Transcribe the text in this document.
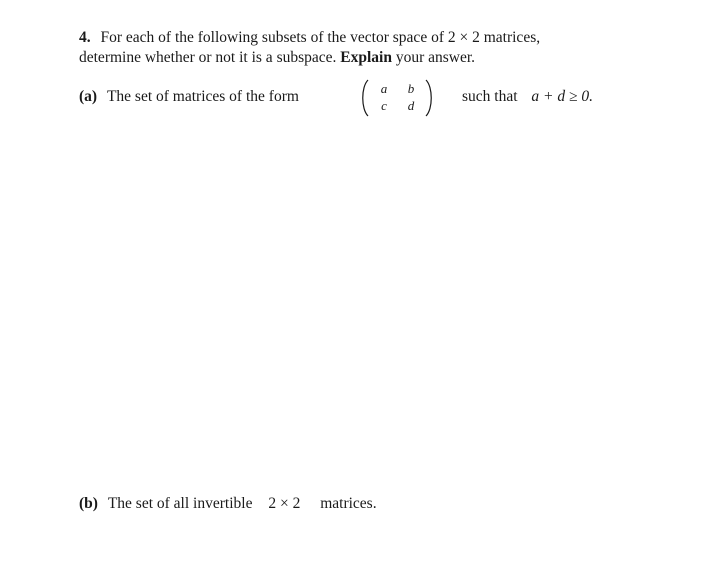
4. For each of the following subsets of the vector space of 2 × 2 matrices,
determine whether or not it is a subspace. Explain your answer.
(a) The set of matrices of the form	a b
c	d
such that a + d ≥ 0.
(b) The set of all invertible 2 × 2 matrices.
